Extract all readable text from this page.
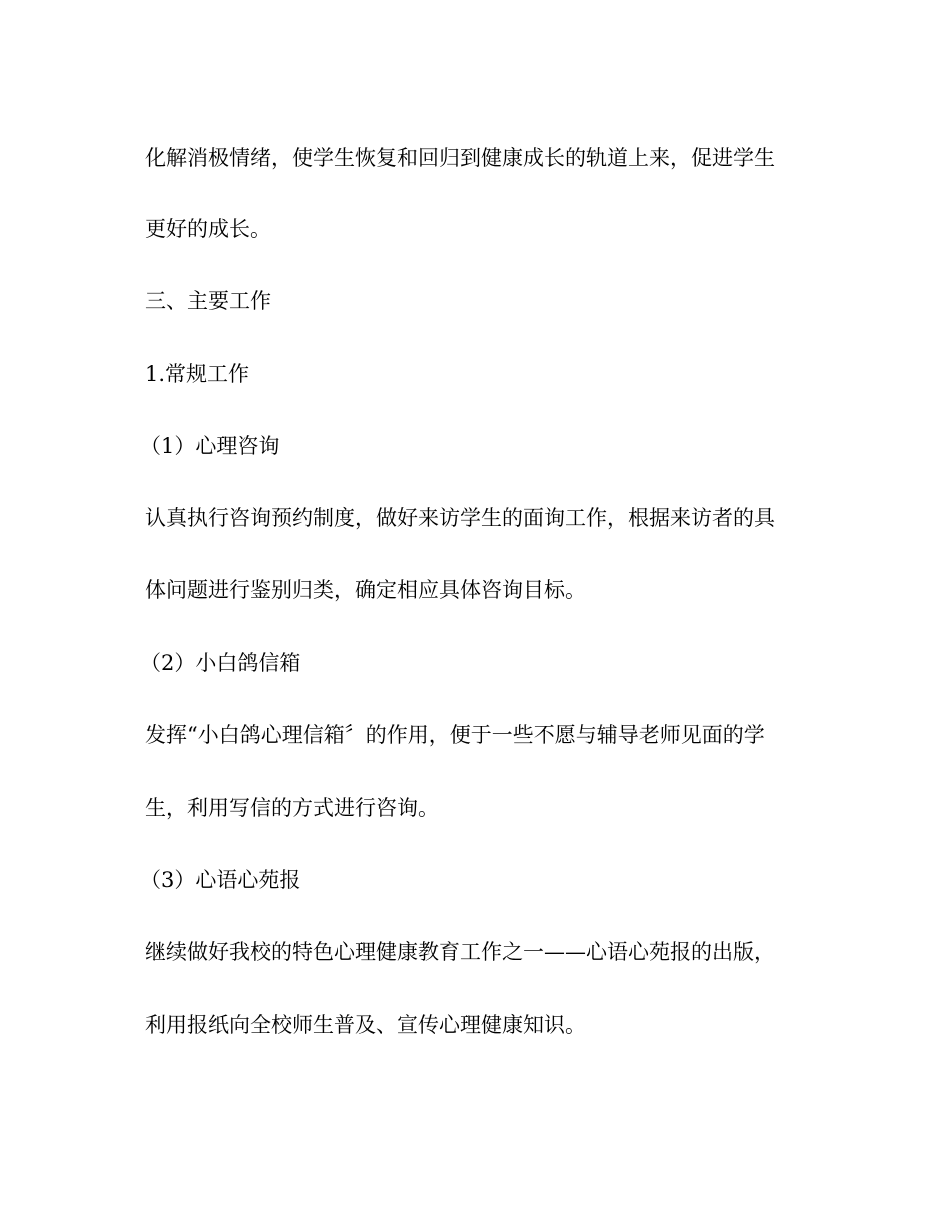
化解消极情绪，使学生恢复和回归到健康成长的轨道上来，促进学生
更好的成长。
三、主要工作
1.常规工作
（1）心理咨询
认真执行咨询预约制度，做好来访学生的面询工作，根据来访者的具
体问题进行鉴别归类，确定相应具体咨询目标。
（2）小白鸽信箱
发挥“小白鸽心理信箱〞的作用，便于一些不愿与辅导老师见面的学
生，利用写信的方式进行咨询。
（3）心语心苑报
继续做好我校的特色心理健康教育工作之一——心语心苑报的出版，
利用报纸向全校师生普及、宣传心理健康知识。
